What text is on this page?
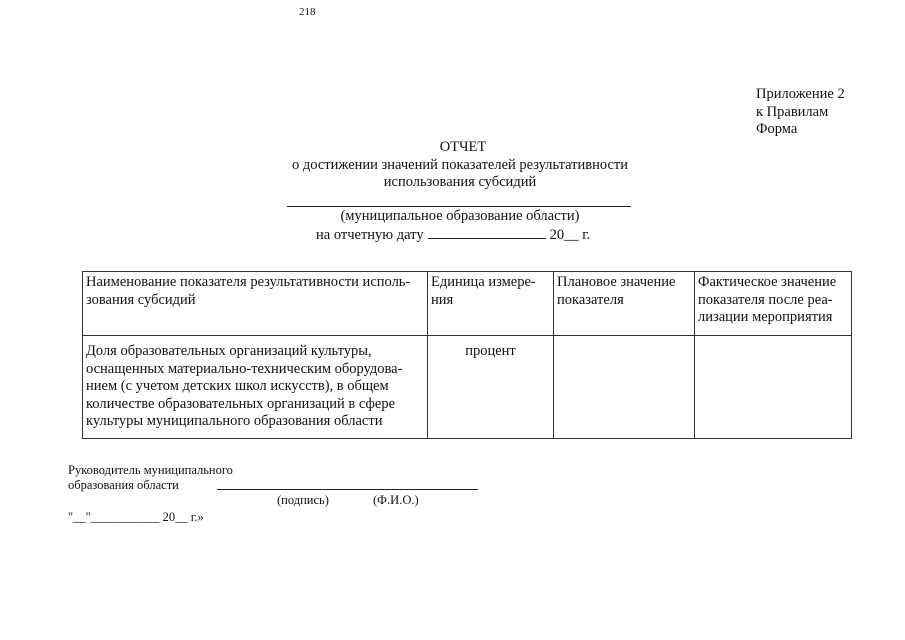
218
Приложение 2
к Правилам
Форма
ОТЧЕТ
о достижении значений показателей результативности
использования субсидий
(муниципальное образование области)
на отчетную дату	20__ г.
Наименование показателя результативности исполь-зования субсидий	Единица измере-ния	Плановое значение показателя	Фактическое значение показателя после реа-лизации мероприятия
Доля образовательных организаций культуры, оснащенных материально-техническим оборудова-нием (с учетом детских школ искусств), в общем количестве образовательных организаций в сфере культуры муниципального образования области	процент		
Руководитель муниципального
образования области
(подпись)	(Ф.И.О.)
"__"___________ 20__ г.»
